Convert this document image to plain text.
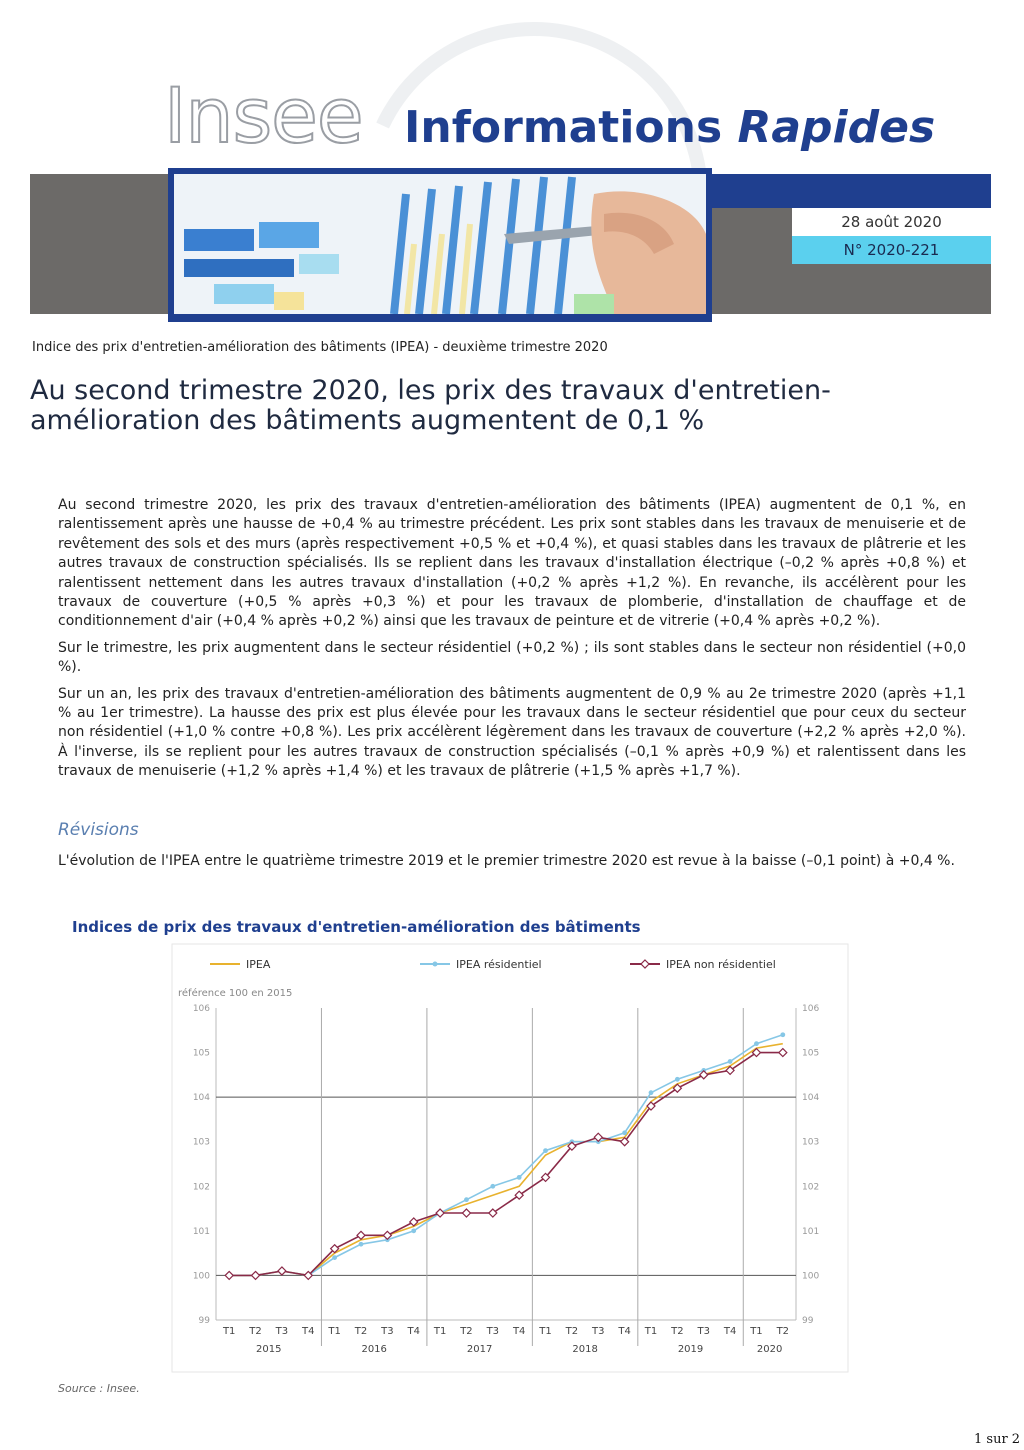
Insee Informations Rapides
28 août 2020
N° 2020-221
Indice des prix d'entretien-amélioration des bâtiments (IPEA) - deuxième trimestre 2020
Au second trimestre 2020, les prix des travaux d'entretien-amélioration des bâtiments augmentent de 0,1 %

Au second trimestre 2020, les prix des travaux d'entretien-amélioration des bâtiments (IPEA) augmentent de 0,1 %, en ralentissement après une hausse de +0,4 % au trimestre précédent. Les prix sont stables dans les travaux de menuiserie et de revêtement des sols et des murs (après respectivement +0,5 % et +0,4 %), et quasi stables dans les travaux de plâtrerie et les autres travaux de construction spécialisés. Ils se replient dans les travaux d'installation électrique (–0,2 % après +0,8 %) et ralentissent nettement dans les autres travaux d'installation (+0,2 % après +1,2 %). En revanche, ils accélèrent pour les travaux de couverture (+0,5 % après +0,3 %) et pour les travaux de plomberie, d'installation de chauffage et de conditionnement d'air (+0,4 % après +0,2 %) ainsi que les travaux de peinture et de vitrerie (+0,4 % après +0,2 %).

Sur le trimestre, les prix augmentent dans le secteur résidentiel (+0,2 %) ; ils sont stables dans le secteur non résidentiel (+0,0 %).

Sur un an, les prix des travaux d'entretien-amélioration des bâtiments augmentent de 0,9 % au 2e trimestre 2020 (après +1,1 % au 1er trimestre). La hausse des prix est plus élevée pour les travaux dans le secteur résidentiel que pour ceux du secteur non résidentiel (+1,0 % contre +0,8 %). Les prix accélèrent légèrement dans les travaux de couverture (+2,2 % après +2,0 %). À l'inverse, ils se replient pour les autres travaux de construction spécialisés (–0,1 % après +0,9 %) et ralentissent dans les travaux de menuiserie (+1,2 % après +1,4 %) et les travaux de plâtrerie (+1,5 % après +1,7 %).

Révisions
L'évolution de l'IPEA entre le quatrième trimestre 2019 et le premier trimestre 2020 est revue à la baisse (–0,1 point) à +0,4 %.
Indices de prix des travaux d'entretien-amélioration des bâtiments
IPEA	IPEA résidentiel	IPEA non résidentiel
référence 100 en 2015
99	99
100	100
101	101
102	102
103	103
104	104
105	105
106	106
2015	2016	2017	2018	2019	2020
T1 T2 T3 T4 T1 T2 T3 T4 T1 T2 T3 T4 T1 T2 T3 T4 T1 T2 T3 T4 T1 T2
Source : Insee.
1 sur 2
